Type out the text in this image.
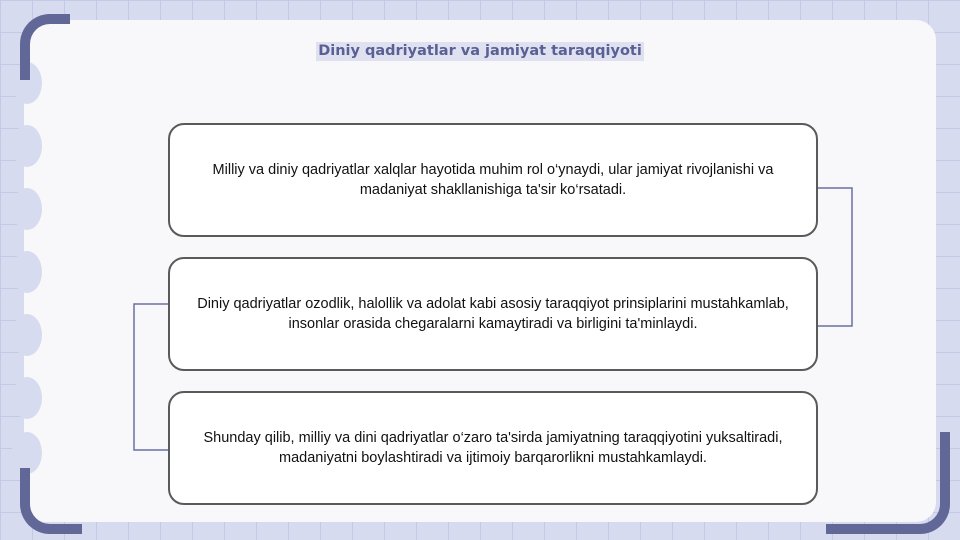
Diniy qadriyatlar va jamiyat taraqqiyoti
Milliy va diniy qadriyatlar xalqlar hayotida muhim rol o‘ynaydi, ular jamiyat rivojlanishi va madaniyat shakllanishiga ta'sir ko‘rsatadi.
Diniy qadriyatlar ozodlik, halollik va adolat kabi asosiy taraqqiyot prinsiplarini mustahkamlab, insonlar orasida chegaralarni kamaytiradi va birligini ta'minlaydi.
Shunday qilib, milliy va dini qadriyatlar o‘zaro ta'sirda jamiyatning taraqqiyotini yuksaltiradi, madaniyatni boylashtiradi va ijtimoiy barqarorlikni mustahkamlaydi.
